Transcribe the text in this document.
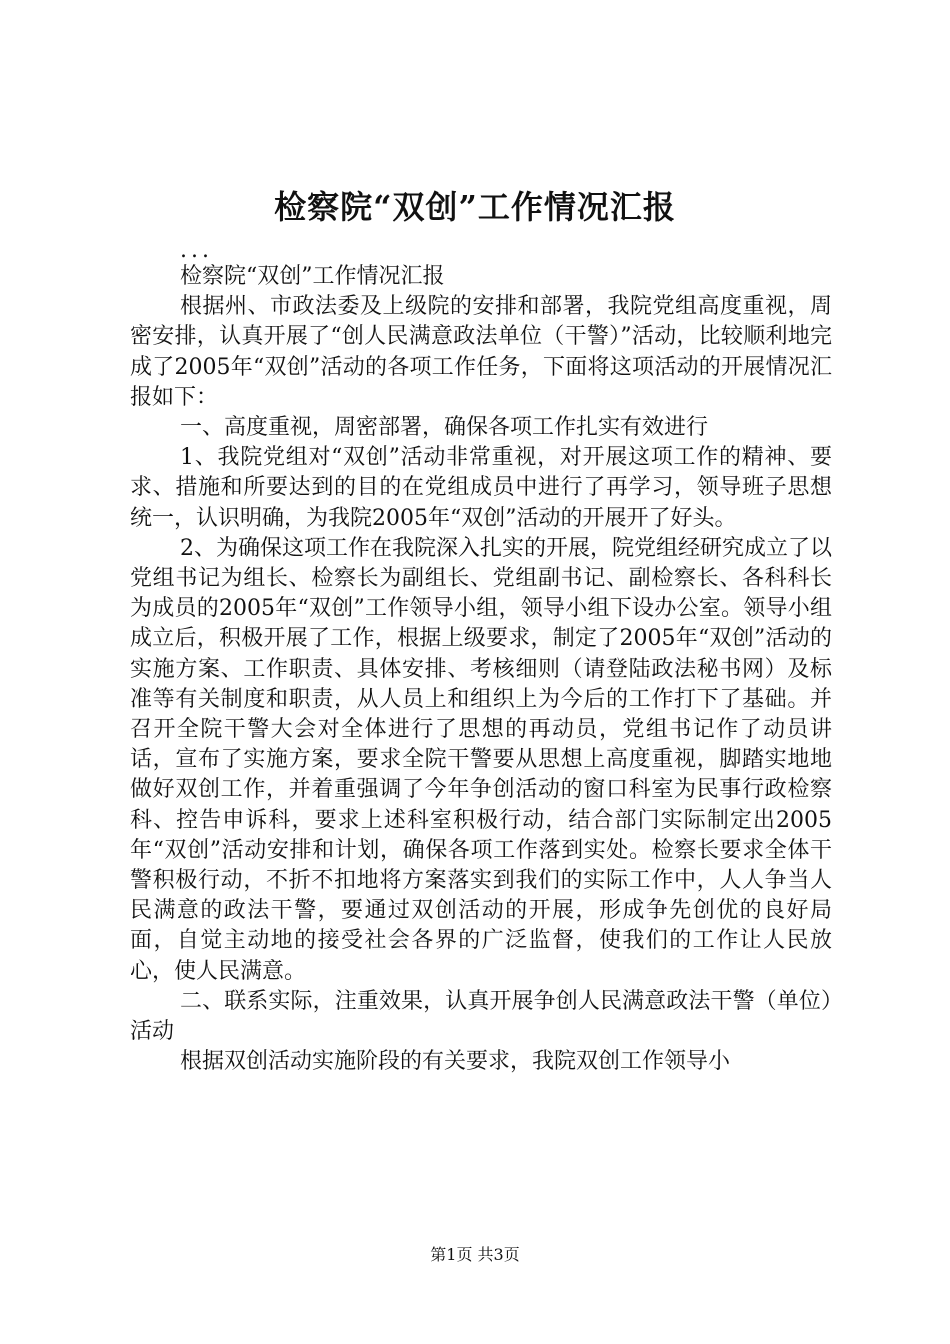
检察院“双创”工作情况汇报

...

检察院“双创”工作情况汇报

根据州、市政法委及上级院的安排和部署，我院党组高度重视，周密安排，认真开展了“创人民满意政法单位（干警）”活动，比较顺利地完成了2005年“双创”活动的各项工作任务，下面将这项活动的开展情况汇报如下：

一、高度重视，周密部署，确保各项工作扎实有效进行

1、我院党组对“双创”活动非常重视，对开展这项工作的精神、要求、措施和所要达到的目的在党组成员中进行了再学习，领导班子思想统一，认识明确，为我院2005年“双创”活动的开展开了好头。

2、为确保这项工作在我院深入扎实的开展，院党组经研究成立了以党组书记为组长、检察长为副组长、党组副书记、副检察长、各科科长为成员的2005年“双创”工作领导小组，领导小组下设办公室。领导小组成立后，积极开展了工作，根据上级要求，制定了2005年“双创”活动的实施方案、工作职责、具体安排、考核细则（请登陆政法秘书网）及标准等有关制度和职责，从人员上和组织上为今后的工作打下了基础。并召开全院干警大会对全体进行了思想的再动员，党组书记作了动员讲话，宣布了实施方案，要求全院干警要从思想上高度重视，脚踏实地地做好双创工作，并着重强调了今年争创活动的窗口科室为民事行政检察科、控告申诉科，要求上述科室积极行动，结合部门实际制定出2005年“双创”活动安排和计划，确保各项工作落到实处。检察长要求全体干警积极行动，不折不扣地将方案落实到我们的实际工作中，人人争当人民满意的政法干警，要通过双创活动的开展，形成争先创优的良好局面，自觉主动地的接受社会各界的广泛监督，使我们的工作让人民放心，使人民满意。

二、联系实际，注重效果，认真开展争创人民满意政法干警（单位）活动

根据双创活动实施阶段的有关要求，我院双创工作领导小

第1页 共3页
